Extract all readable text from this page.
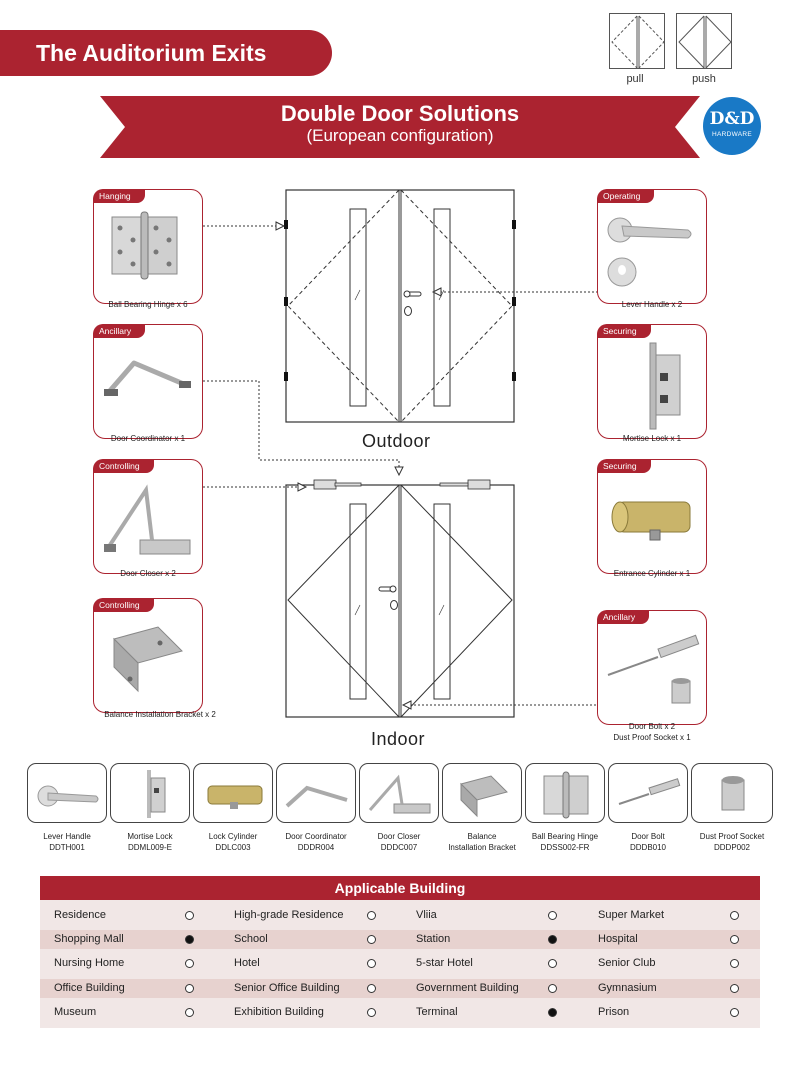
The Auditorium Exits
pull	push
Double Door Solutions
(European configuration)
D&D
HARDWARE
Outdoor
Indoor
Hanging
Ball Bearing Hinge x 6
Ancillary
Door Coordinator x 1
Controlling
Door Closer x 2
Controlling
Balance Installation Bracket x 2
Operating
Lever Handle x 2
Securing
Mortise Lock x 1
Securing
Entrance Cylinder x 1
Ancillary
Door Bolt x 2
Dust Proof Socket x 1
Lever Handle
DDTH001
Mortise Lock
DDML009-E
Lock Cylinder
DDLC003
Door Coordinator
DDDR004
Door Closer
DDDC007
Balance
Installation Bracket
Ball Bearing Hinge
DDSS002-FR
Door Bolt
DDDB010
Dust Proof Socket
DDDP002
Applicable Building
Residence	High-grade Residence	Vliia	Super Market
Shopping Mall	School	Station	Hospital
Nursing Home	Hotel	5-star Hotel	Senior Club
Office Building	Senior Office Building	Government Building	Gymnasium
Museum	Exhibition Building	Terminal	Prison
